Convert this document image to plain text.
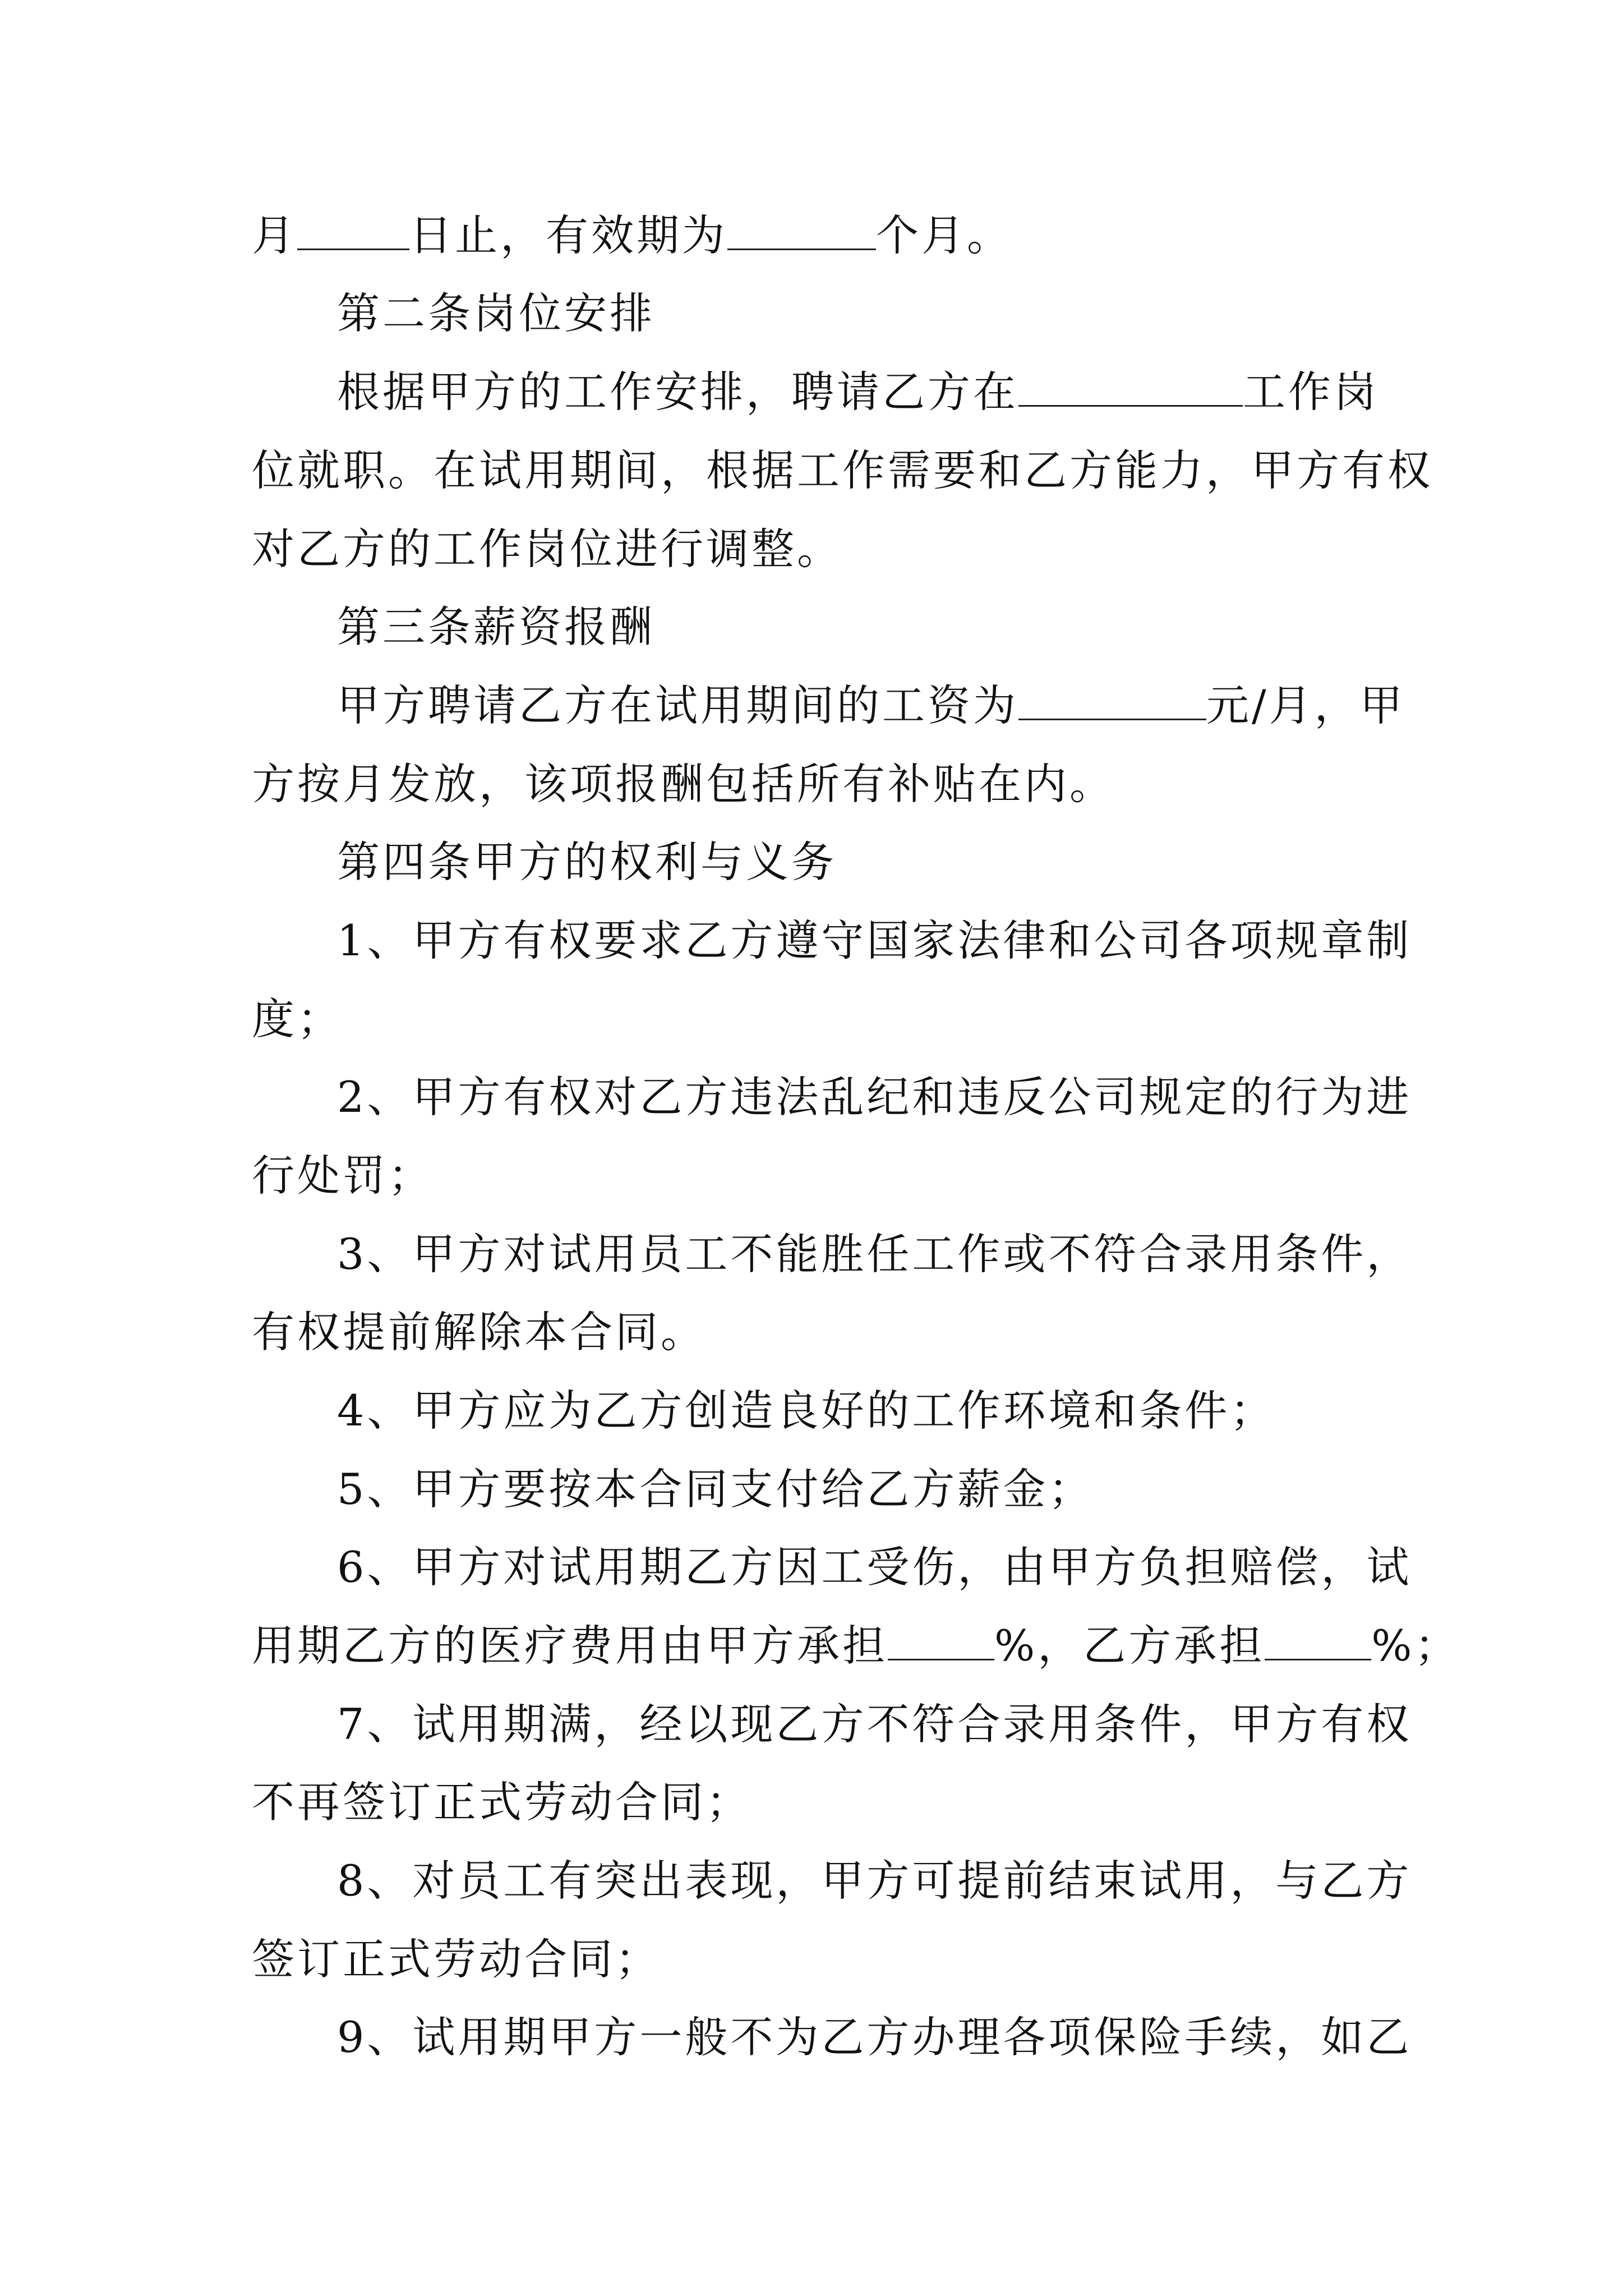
月	日止，有效期为	个月。
第二条岗位安排
根据甲方的工作安排，聘请乙方在	工作岗
位就职。在试用期间，根据工作需要和乙方能力，甲方有权
对乙方的工作岗位进行调整。
第三条薪资报酬
甲方聘请乙方在试用期间的工资为	元/月，甲
方按月发放，该项报酬包括所有补贴在内。
第四条甲方的权利与义务
1、甲方有权要求乙方遵守国家法律和公司各项规章制
度；
2、甲方有权对乙方违法乱纪和违反公司规定的行为进
行处罚；
3、甲方对试用员工不能胜任工作或不符合录用条件，
有权提前解除本合同。
4、甲方应为乙方创造良好的工作环境和条件；
5、甲方要按本合同支付给乙方薪金；
6、甲方对试用期乙方因工受伤，由甲方负担赔偿，试
用期乙方的医疗费用由甲方承担	%，乙方承担	%；
7、试用期满，经以现乙方不符合录用条件，甲方有权
不再签订正式劳动合同；
8、对员工有突出表现，甲方可提前结束试用，与乙方
签订正式劳动合同；
9、试用期甲方一般不为乙方办理各项保险手续，如乙
